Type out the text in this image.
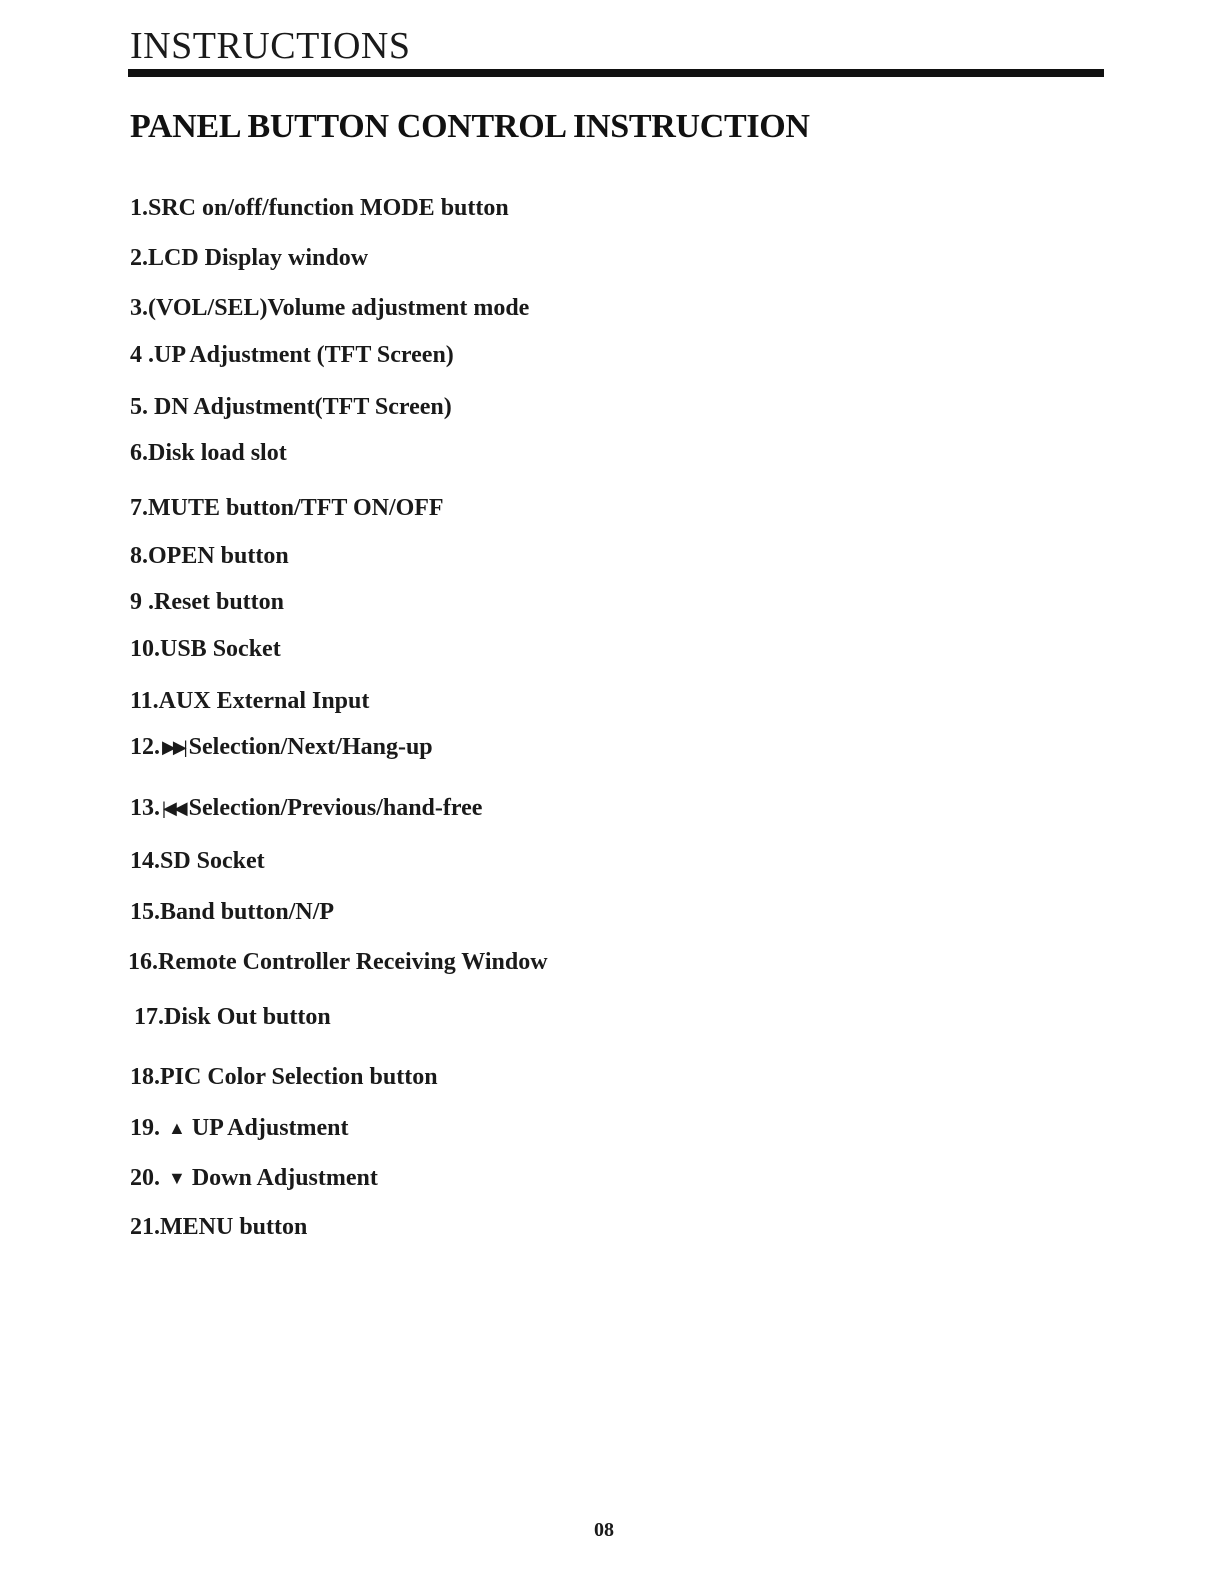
INSTRUCTIONS
PANEL BUTTON CONTROL INSTRUCTION
1.SRC on/off/function MODE button
2.LCD Display window
3.(VOL/SEL)Volume adjustment mode
4 .UP Adjustment (TFT Screen)
5. DN Adjustment(TFT Screen)
6.Disk load slot
7.MUTE button/TFT ON/OFF
8.OPEN button
9 .Reset button
10.USB Socket
11.AUX External Input
12. ▶▶| Selection/Next/Hang-up
13. |◀◀ Selection/Previous/hand-free
14.SD Socket
15.Band button/N/P
16.Remote Controller Receiving Window
17.Disk Out button
18.PIC Color Selection button
19. ▲ UP Adjustment
20. ▼ Down Adjustment
21.MENU button
08
